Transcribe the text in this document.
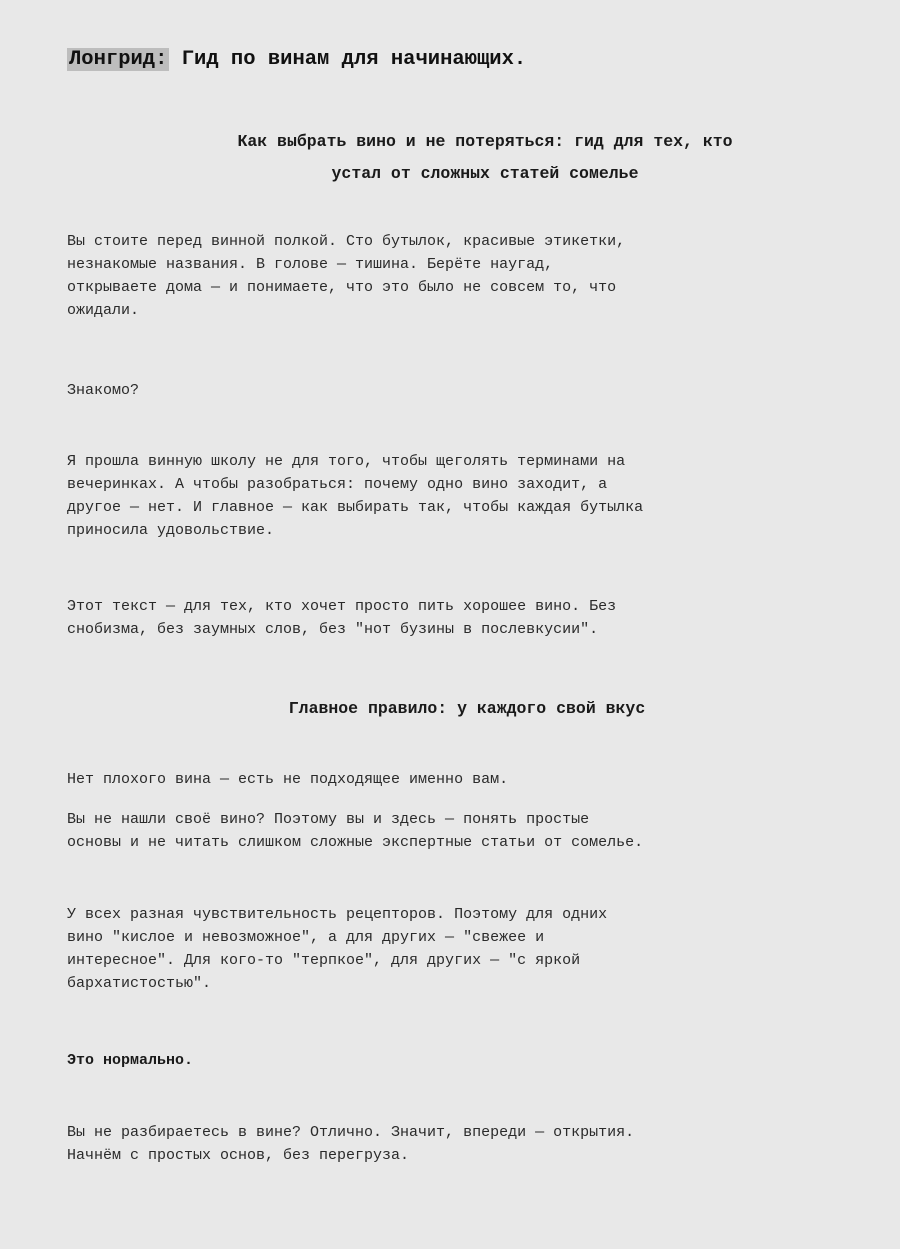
Лонгрид: Гид по винам для начинающих.
Как выбрать вино и не потеряться: гид для тех, кто
устал от сложных статей сомелье

Вы стоите перед винной полкой. Сто бутылок, красивые этикетки,
незнакомые названия. В голове — тишина. Берёте наугад,
открываете дома — и понимаете, что это было не совсем то, что
ожидали.

Знакомо?

Я прошла винную школу не для того, чтобы щеголять терминами на
вечеринках. А чтобы разобраться: почему одно вино заходит, а
другое — нет. И главное — как выбирать так, чтобы каждая бутылка
приносила удовольствие.

Этот текст — для тех, кто хочет просто пить хорошее вино. Без
снобизма, без заумных слов, без "нот бузины в послевкусии".

Главное правило: у каждого свой вкус

Нет плохого вина — есть не подходящее именно вам.

Вы не нашли своё вино? Поэтому вы и здесь — понять простые
основы и не читать слишком сложные экспертные статьи от сомелье.

У всех разная чувствительность рецепторов. Поэтому для одних
вино "кислое и невозможное", а для других — "свежее и
интересное". Для кого-то "терпкое", для других — "с яркой
бархатистостью".

Это нормально.

Вы не разбираетесь в вине? Отлично. Значит, впереди — открытия.
Начнём с простых основ, без перегруза.
